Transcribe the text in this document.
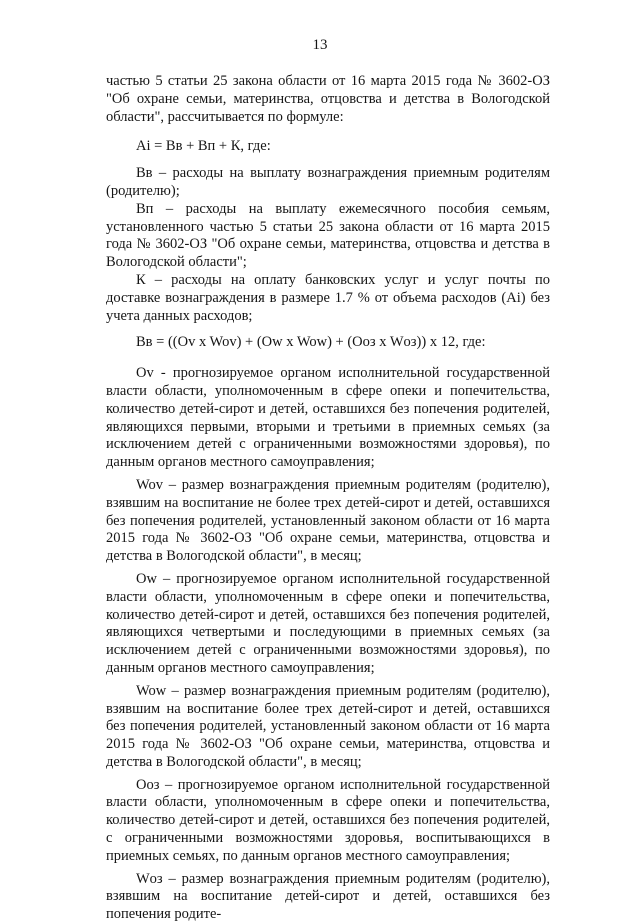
13

частью 5 статьи 25 закона области от 16 марта 2015 года № 3602-ОЗ "Об охране семьи, материнства, отцовства и детства в Вологодской области", рассчитывается по формуле:

Ai = Вв + Вп + К, где:

Вв – расходы на выплату вознаграждения приемным родителям (родителю);

Вп – расходы на выплату ежемесячного пособия семьям, установленного частью 5 статьи 25 закона области от 16 марта 2015 года № 3602-ОЗ "Об охране семьи, материнства, отцовства и детства в Вологодской области";

К – расходы на оплату банковских услуг и услуг почты по доставке вознаграждения в размере 1.7 % от объема расходов (Ai) без учета данных расходов;

Вв = ((Ov x Wov) + (Ow x Wow) + (Ооз x Wоз)) x 12, где:

Ov - прогнозируемое органом исполнительной государственной власти области, уполномоченным в сфере опеки и попечительства, количество детей-сирот и детей, оставшихся без попечения родителей, являющихся первыми, вторыми и третьими в приемных семьях (за исключением детей с ограниченными возможностями здоровья), по данным органов местного самоуправления;

Wov – размер вознаграждения приемным родителям (родителю), взявшим на воспитание не более трех детей-сирот и детей, оставшихся без попечения родителей, установленный законом области от 16 марта 2015 года № 3602-ОЗ "Об охране семьи, материнства, отцовства и детства в Вологодской области", в месяц;

Ow – прогнозируемое органом исполнительной государственной власти области, уполномоченным в сфере опеки и попечительства, количество детей-сирот и детей, оставшихся без попечения родителей, являющихся четвертыми и последующими в приемных семьях (за исключением детей с ограниченными возможностями здоровья), по данным органов местного самоуправления;

Wow – размер вознаграждения приемным родителям (родителю), взявшим на воспитание более трех детей-сирот и детей, оставшихся без попечения родителей, установленный законом области от 16 марта 2015 года № 3602-ОЗ "Об охране семьи, материнства, отцовства и детства в Вологодской области", в месяц;

Ооз – прогнозируемое органом исполнительной государственной власти области, уполномоченным в сфере опеки и попечительства, количество детей-сирот и детей, оставшихся без попечения родителей, с ограниченными возможностями здоровья, воспитывающихся в приемных семьях, по данным органов местного самоуправления;

Wоз – размер вознаграждения приемным родителям (родителю), взявшим на воспитание детей-сирот и детей, оставшихся без попечения родите-
